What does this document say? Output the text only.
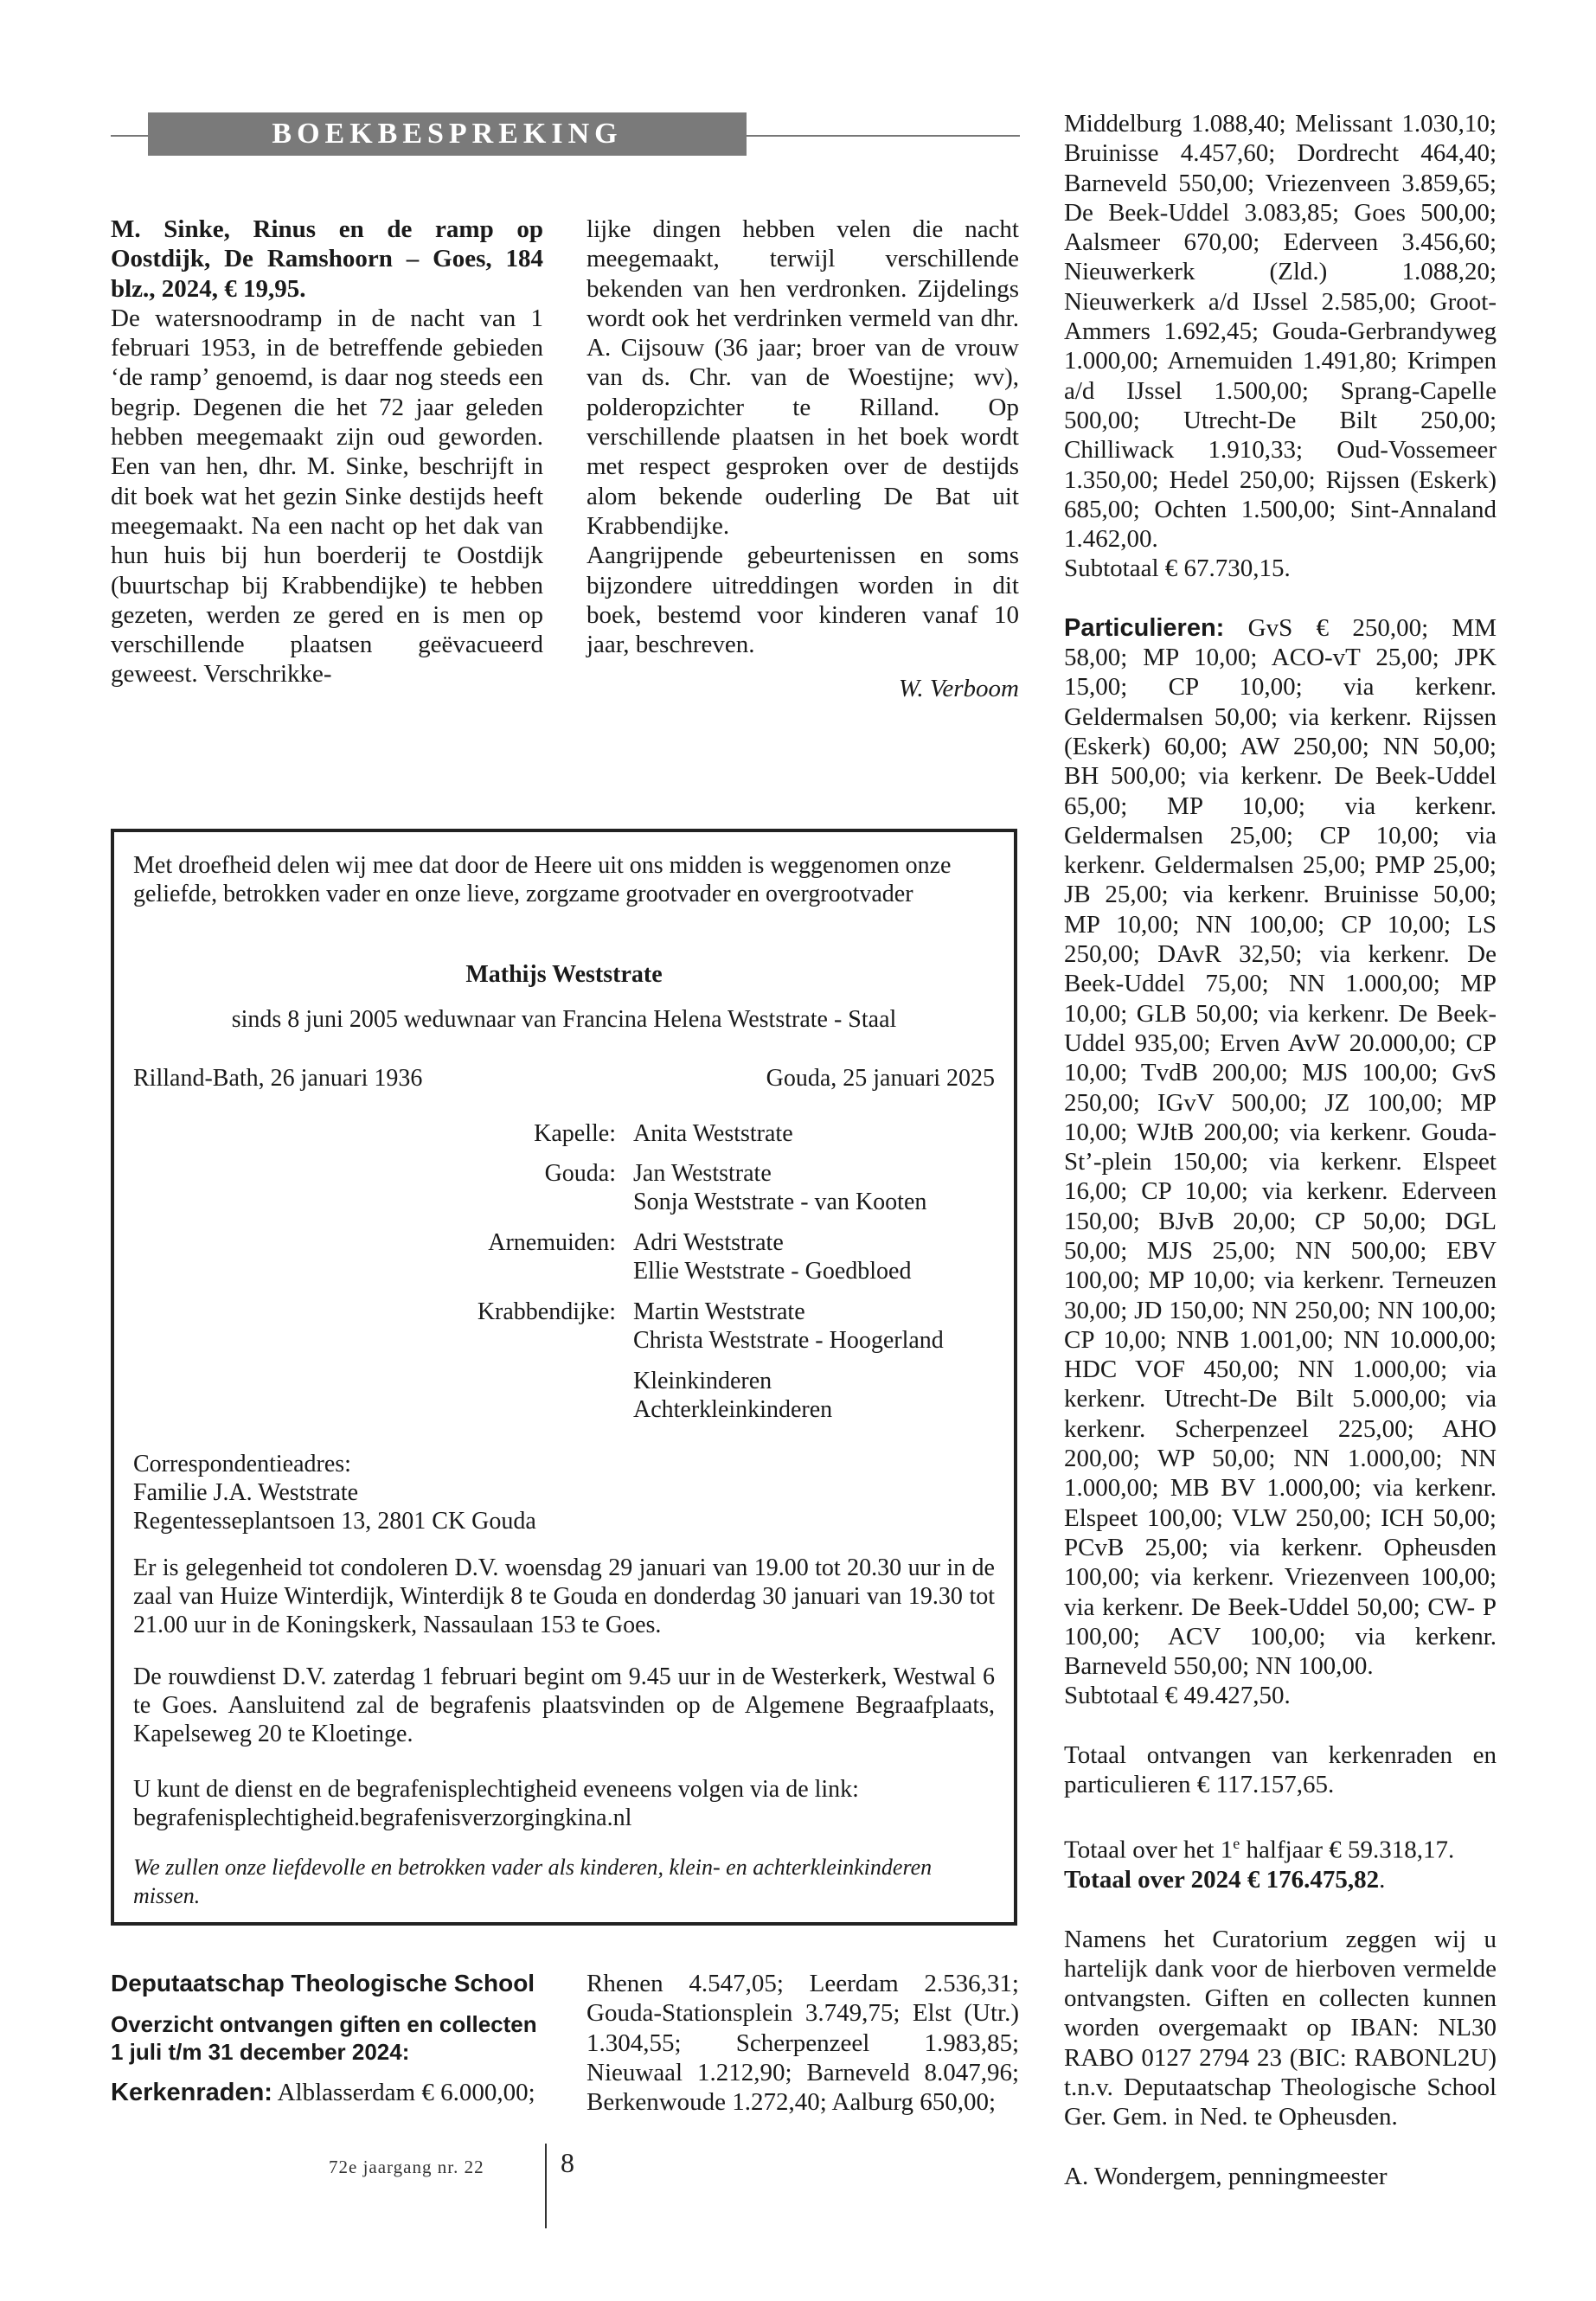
BOEKBESPREKING

M. Sinke, Rinus en de ramp op Oostdijk, De Ramshoorn – Goes, 184 blz., 2024, € 19,95.

De watersnoodramp in de nacht van 1 februari 1953, in de betreffende gebieden ‘de ramp’ genoemd, is daar nog steeds een begrip. Degenen die het 72 jaar geleden hebben meegemaakt zijn oud geworden. Een van hen, dhr. M. Sinke, beschrijft in dit boek wat het gezin Sinke destijds heeft meegemaakt. Na een nacht op het dak van hun huis bij hun boerderij te Oostdijk (buurtschap bij Krabbendijke) te hebben gezeten, werden ze gered en is men op verschillende plaatsen geëvacueerd geweest. Verschrikke-

lijke dingen hebben velen die nacht meegemaakt, terwijl verschillende bekenden van hen verdronken. Zijdelings wordt ook het verdrinken vermeld van dhr. A. Cijsouw (36 jaar; broer van de vrouw van ds. Chr. van de Woestijne; wv), polderopzichter te Rilland. Op verschillende plaatsen in het boek wordt met respect gesproken over de destijds alom bekende ouderling De Bat uit Krabbendijke.

Aangrijpende gebeurtenissen en soms bijzondere uitreddingen worden in dit boek, bestemd voor kinderen vanaf 10 jaar, beschreven.

W. Verboom

Met droefheid delen wij mee dat door de Heere uit ons midden is weggenomen onze geliefde, betrokken vader en onze lieve, zorgzame grootvader en overgrootvader
Mathijs Weststrate
sinds 8 juni 2005 weduwnaar van Francina Helena Weststrate - Staal
Rilland-Bath, 26 januari 1936	Gouda, 25 januari 2025
Kapelle: Anita Weststrate
Gouda: Jan Weststrate
Sonja Weststrate - van Kooten
Arnemuiden: Adri Weststrate
Ellie Weststrate - Goedbloed
Krabbendijke: Martin Weststrate
Christa Weststrate - Hoogerland
Kleinkinderen
Achterkleinkinderen
Correspondentieadres:
Familie J.A. Weststrate
Regentesseplantsoen 13, 2801 CK Gouda
Er is gelegenheid tot condoleren D.V. woensdag 29 januari van 19.00 tot 20.30 uur in de zaal van Huize Winterdijk, Winterdijk 8 te Gouda en donderdag 30 januari van 19.30 tot 21.00 uur in de Koningskerk, Nassaulaan 153 te Goes.
De rouwdienst D.V. zaterdag 1 februari begint om 9.45 uur in de Westerkerk, Westwal 6 te Goes. Aansluitend zal de begrafenis plaatsvinden op de Algemene Begraafplaats, Kapelseweg 20 te Kloetinge.
U kunt de dienst en de begrafenisplechtigheid eveneens volgen via de link: begrafenisplechtigheid.begrafenisverzorgingkina.nl
We zullen onze liefdevolle en betrokken vader als kinderen, klein- en achterkleinkinderen missen.

Deputaatschap Theologische School

Overzicht ontvangen giften en collecten 1 juli t/m 31 december 2024:

Kerkenraden: Alblasserdam € 6.000,00;

Rhenen 4.547,05; Leerdam 2.536,31; Gouda-Stationsplein 3.749,75; Elst (Utr.) 1.304,55; Scherpenzeel 1.983,85; Nieuwaal 1.212,90; Barneveld 8.047,96; Berkenwoude 1.272,40; Aalburg 650,00;

Middelburg 1.088,40; Melissant 1.030,10; Bruinisse 4.457,60; Dordrecht 464,40; Barneveld 550,00; Vriezenveen 3.859,65; De Beek-Uddel 3.083,85; Goes 500,00; Aalsmeer 670,00; Ederveen 3.456,60; Nieuwerkerk (Zld.) 1.088,20; Nieuwerkerk a/d IJssel 2.585,00; Groot-Ammers 1.692,45; Gouda-Gerbrandyweg 1.000,00; Arnemuiden 1.491,80; Krimpen a/d IJssel 1.500,00; Sprang-Capelle 500,00; Utrecht-De Bilt 250,00; Chilliwack 1.910,33; Oud-Vossemeer 1.350,00; Hedel 250,00; Rijssen (Eskerk) 685,00; Ochten 1.500,00; Sint-Annaland 1.462,00.

Subtotaal € 67.730,15.

Particulieren: GvS € 250,00; MM 58,00; MP 10,00; ACO-vT 25,00; JPK 15,00; CP 10,00; via kerkenr. Geldermalsen 50,00; via kerkenr. Rijssen (Eskerk) 60,00; AW 250,00; NN 50,00; BH 500,00; via kerkenr. De Beek-Uddel 65,00; MP 10,00; via kerkenr. Geldermalsen 25,00; CP 10,00; via kerkenr. Geldermalsen 25,00; PMP 25,00; JB 25,00; via kerkenr. Bruinisse 50,00; MP 10,00; NN 100,00; CP 10,00; LS 250,00; DAvR 32,50; via kerkenr. De Beek-Uddel 75,00; NN 1.000,00; MP 10,00; GLB 50,00; via kerkenr. De Beek-Uddel 935,00; Erven AvW 20.000,00; CP 10,00; TvdB 200,00; MJS 100,00; GvS 250,00; IGvV 500,00; JZ 100,00; MP 10,00; WJtB 200,00; via kerkenr. Gouda-St’-plein 150,00; via kerkenr. Elspeet 16,00; CP 10,00; via kerkenr. Ederveen 150,00; BJvB 20,00; CP 50,00; DGL 50,00; MJS 25,00; NN 500,00; EBV 100,00; MP 10,00; via kerkenr. Terneuzen 30,00; JD 150,00; NN 250,00; NN 100,00; CP 10,00; NNB 1.001,00; NN 10.000,00; HDC VOF 450,00; NN 1.000,00; via kerkenr. Utrecht-De Bilt 5.000,00; via kerkenr. Scherpenzeel 225,00; AHO 200,00; WP 50,00; NN 1.000,00; NN 1.000,00; MB BV 1.000,00; via kerkenr. Elspeet 100,00; VLW 250,00; ICH 50,00; PCvB 25,00; via kerkenr. Opheusden 100,00; via kerkenr. Vriezenveen 100,00; via kerkenr. De Beek-Uddel 50,00; CW- P 100,00; ACV 100,00; via kerkenr. Barneveld 550,00; NN 100,00.

Subtotaal € 49.427,50.

Totaal ontvangen van kerkenraden en particulieren € 117.157,65.

Totaal over het 1e halfjaar € 59.318,17.

Totaal over 2024 € 176.475,82.

Namens het Curatorium zeggen wij u hartelijk dank voor de hierboven vermelde ontvangsten. Giften en collecten kunnen worden overgemaakt op IBAN: NL30 RABO 0127 2794 23 (BIC: RABONL2U) t.n.v. Deputaatschap Theologische School Ger. Gem. in Ned. te Opheusden.

A. Wondergem, penningmeester

72e jaargang nr. 22	8
